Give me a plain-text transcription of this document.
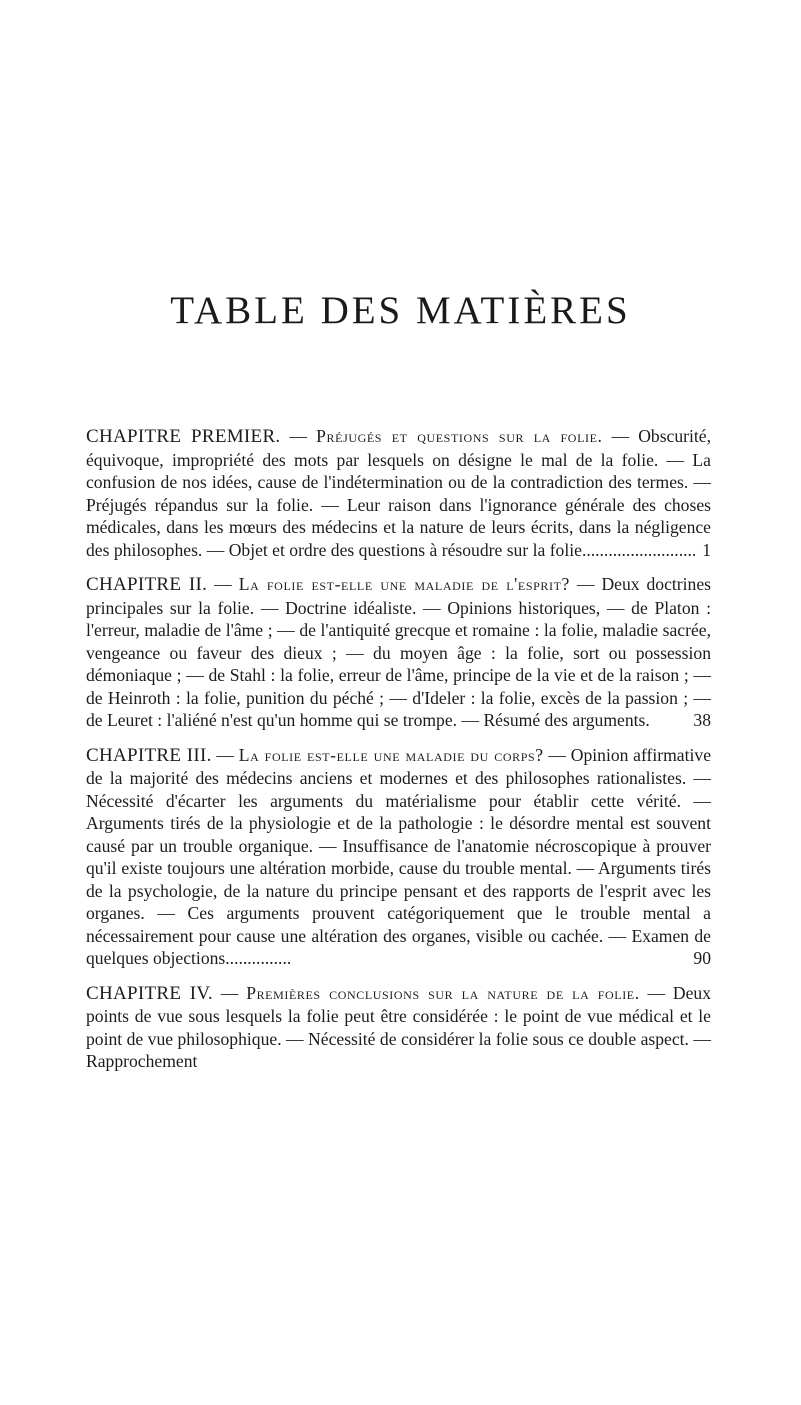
TABLE DES MATIÈRES

CHAPITRE PREMIER. — Préjugés et questions sur la folie. — Obscurité, équivoque, impropriété des mots par lesquels on désigne le mal de la folie. — La confusion de nos idées, cause de l'indétermination ou de la contradiction des termes. — Préjugés répandus sur la folie. — Leur raison dans l'ignorance générale des choses médicales, dans les mœurs des médecins et la nature de leurs écrits, dans la négligence des philosophes. — Objet et ordre des questions à résoudre sur la folie.......................... 1

CHAPITRE II. — La folie est-elle une maladie de l'esprit? — Deux doctrines principales sur la folie. — Doctrine idéaliste. — Opinions historiques, — de Platon : l'erreur, maladie de l'âme ; — de l'antiquité grecque et romaine : la folie, maladie sacrée, vengeance ou faveur des dieux ; — du moyen âge : la folie, sort ou possession démoniaque ; — de Stahl : la folie, erreur de l'âme, principe de la vie et de la raison ; — de Heinroth : la folie, punition du péché ; — d'Ideler : la folie, excès de la passion ; — de Leuret : l'aliéné n'est qu'un homme qui se trompe. — Résumé des arguments. 38

CHAPITRE III. — La folie est-elle une maladie du corps? — Opinion affirmative de la majorité des médecins anciens et modernes et des philosophes rationalistes. — Nécessité d'écarter les arguments du matérialisme pour établir cette vérité. — Arguments tirés de la physiologie et de la pathologie : le désordre mental est souvent causé par un trouble organique. — Insuffisance de l'anatomie nécroscopique à prouver qu'il existe toujours une altération morbide, cause du trouble mental. — Arguments tirés de la psychologie, de la nature du principe pensant et des rapports de l'esprit avec les organes. — Ces arguments prouvent catégoriquement que le trouble mental a nécessairement pour cause une altération des organes, visible ou cachée. — Examen de quelques objections...............	90

CHAPITRE IV. — Premières conclusions sur la nature de la folie. — Deux points de vue sous lesquels la folie peut être considérée : le point de vue médical et le point de vue philosophique. — Nécessité de considérer la folie sous ce double aspect. — Rapprochement
